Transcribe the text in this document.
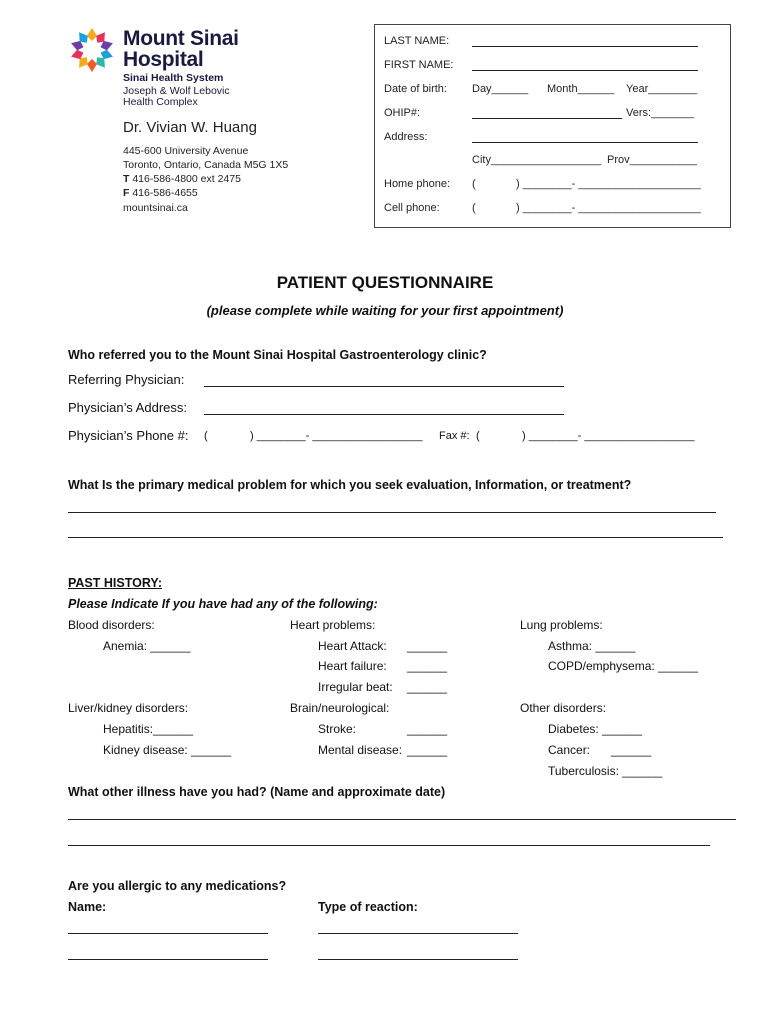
Mount Sinai
Hospital
Sinai Health System
Joseph & Wolf Lebovic
Health Complex
Dr. Vivian W. Huang
445-600 University Avenue
Toronto, Ontario, Canada M5G 1X5
T 416-586-4800 ext 2475
F 416-586-4655
mountsinai.ca
LAST NAME:
FIRST NAME:
Date of birth: Day______ Month______ Year________
OHIP#:	Vers:_______
Address:
City__________________ Prov___________
Home phone: (	) ________- ____________________
Cell phone:	(	) ________- ____________________
PATIENT QUESTIONNAIRE
(please complete while waiting for your first appointment)
Who referred you to the Mount Sinai Hospital Gastroenterology clinic?
Referring Physician:
Physician’s Address:
Physician’s Phone #: (	) ________- __________________ Fax #: (	) ________- __________________
What Is the primary medical problem for which you seek evaluation, Information, or treatment?
PAST HISTORY:
Please Indicate If you have had any of the following:
Blood disorders:
Anemia: ______
Liver/kidney disorders:
Hepatitis:______
Kidney disease: ______
Heart problems:
Heart Attack: ______
Heart failure: ______
Irregular beat: ______
Brain/neurological:
Stroke:	______
Mental disease: ______
Lung problems:
Asthma: ______
COPD/emphysema: ______
Other disorders:
Diabetes: ______
Cancer: ______
Tuberculosis: ______
What other illness have you had? (Name and approximate date)
Are you allergic to any medications?
Name:	Type of reaction:
